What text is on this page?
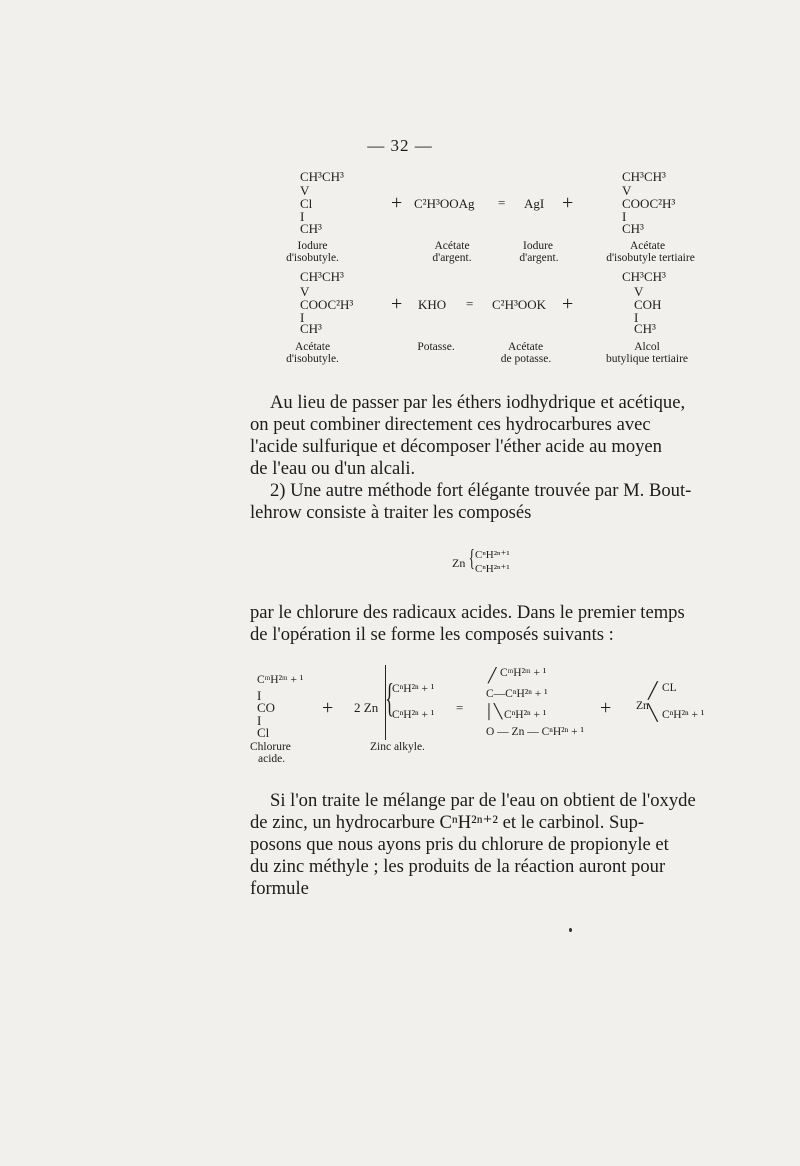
— 32 —
CH³CH³
V
Cl
I
CH³
Iodure
d'isobutyle.
+ C²H³OOAg
Acétate
d'argent.
= AgI
Iodure
d'argent.
+
CH³CH³
V
COOC²H³
I
CH³
Acétate
d'isobutyle tertiaire
CH³CH³
V
COOC²H³
I
CH³
Acétate
d'isobutyle.
+ KHO
Potasse.
= C²H³OOK
Acétate
de potasse.
+
CH³CH³
V
COH
I
CH³
Alcol
butylique tertiaire

Au lieu de passer par les éthers iodhydrique et acétique,

on peut combiner directement ces hydrocarbures avec

l'acide sulfurique et décomposer l'éther acide au moyen

de l'eau ou d'un alcali.

2) Une autre méthode fort élégante trouvée par M. Bout-

lehrow consiste à traiter les composés

Zn { CⁿH²ⁿ⁺¹
CⁿH²ⁿ⁺¹

par le chlorure des radicaux acides. Dans le premier temps

de l'opération il se forme les composés suivants :

CᵐH²ᵐ + ¹
I
CO
I
Cl
Chlorure
acide.
+ 2 Zn {
CⁿH²ⁿ + ¹
CⁿH²ⁿ + ¹
Zinc alkyle.
=
CᵐH²ᵐ + ¹
╱
C—CⁿH²ⁿ + ¹
│╲ CⁿH²ⁿ + ¹
O — Zn — CⁿH²ⁿ + ¹
+ Zn
╱ CL
╲ CⁿH²ⁿ + ¹

Si l'on traite le mélange par de l'eau on obtient de l'oxyde

de zinc, un hydrocarbure CⁿH²ⁿ⁺² et le carbinol. Sup-

posons que nous ayons pris du chlorure de propionyle et

du zinc méthyle ; les produits de la réaction auront pour

formule
